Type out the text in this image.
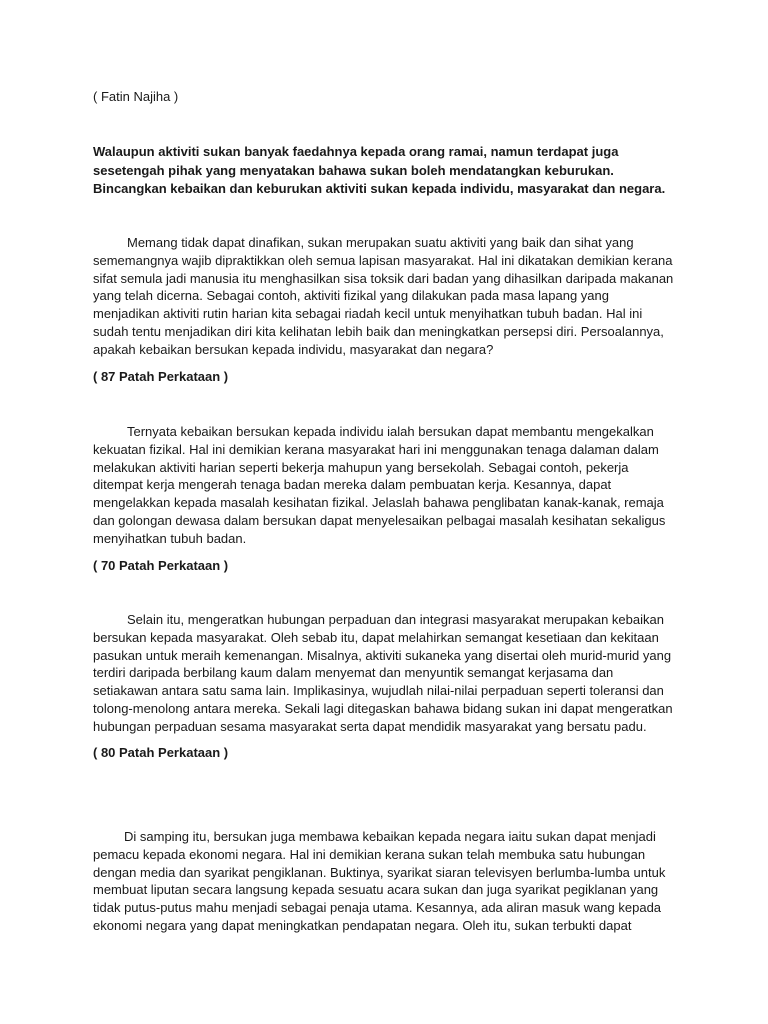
( Fatin Najiha )
Walaupun aktiviti sukan banyak faedahnya kepada orang ramai, namun terdapat juga sesetengah pihak yang menyatakan bahawa sukan boleh mendatangkan keburukan. Bincangkan kebaikan dan keburukan aktiviti sukan kepada individu, masyarakat dan negara.
Memang tidak dapat dinafikan, sukan merupakan suatu aktiviti yang baik dan sihat yang sememangnya wajib dipraktikkan oleh semua lapisan masyarakat. Hal ini dikatakan demikian kerana sifat semula jadi manusia itu menghasilkan sisa toksik dari badan yang dihasilkan daripada makanan yang telah dicerna. Sebagai contoh, aktiviti fizikal yang dilakukan pada masa lapang yang menjadikan aktiviti rutin harian kita sebagai riadah kecil untuk menyihatkan tubuh badan. Hal ini sudah tentu menjadikan diri kita kelihatan lebih baik dan meningkatkan persepsi diri. Persoalannya, apakah kebaikan bersukan kepada individu, masyarakat dan negara?
( 87 Patah Perkataan )
Ternyata kebaikan bersukan kepada individu ialah bersukan dapat membantu mengekalkan kekuatan fizikal. Hal ini demikian kerana masyarakat hari ini menggunakan tenaga dalaman dalam melakukan aktiviti harian seperti bekerja mahupun yang bersekolah. Sebagai contoh, pekerja ditempat kerja mengerah tenaga badan mereka dalam pembuatan kerja. Kesannya, dapat mengelakkan kepada masalah kesihatan fizikal. Jelaslah bahawa penglibatan kanak-kanak, remaja dan golongan dewasa dalam bersukan dapat menyelesaikan pelbagai masalah kesihatan sekaligus menyihatkan tubuh badan.
( 70 Patah Perkataan )
Selain itu, mengeratkan hubungan perpaduan dan integrasi masyarakat merupakan kebaikan bersukan kepada masyarakat. Oleh sebab itu, dapat melahirkan semangat kesetiaan dan kekitaan pasukan untuk meraih kemenangan. Misalnya, aktiviti sukaneka yang disertai oleh murid-murid yang terdiri daripada berbilang kaum dalam menyemat dan menyuntik semangat kerjasama dan setiakawan antara satu sama lain. Implikasinya, wujudlah nilai-nilai perpaduan seperti toleransi dan tolong-menolong antara mereka. Sekali lagi ditegaskan bahawa bidang sukan ini dapat mengeratkan hubungan perpaduan sesama masyarakat serta dapat mendidik masyarakat yang bersatu padu.
( 80 Patah Perkataan )
Di samping itu, bersukan juga membawa kebaikan kepada negara iaitu sukan dapat menjadi pemacu kepada ekonomi negara. Hal ini demikian kerana sukan telah membuka satu hubungan dengan media dan syarikat pengiklanan. Buktinya, syarikat siaran televisyen berlumba-lumba untuk membuat liputan secara langsung kepada sesuatu acara sukan dan juga syarikat pegiklanan yang tidak putus-putus mahu menjadi sebagai penaja utama. Kesannya, ada aliran masuk wang kepada ekonomi negara yang dapat meningkatkan pendapatan negara. Oleh itu, sukan terbukti dapat
